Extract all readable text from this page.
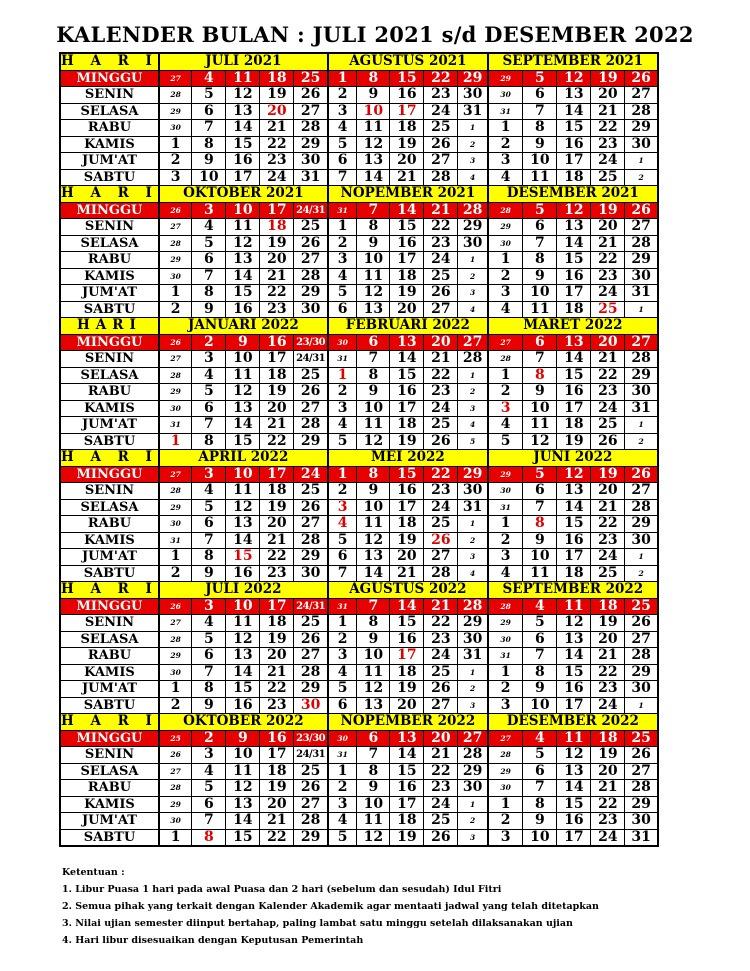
KALENDER BULAN : JULI 2021 s/d DESEMBER 2022
H A R I	JULI 2021					AGUSTUS 2021					SEPTEMBER 2021				
MINGGU	27	4	11	18	25	1	8	15	22	29	29	5	12	19	26
SENIN	28	5	12	19	26	2	9	16	23	30	30	6	13	20	27
SELASA	29	6	13	20	27	3	10	17	24	31	31	7	14	21	28
RABU	30	7	14	21	28	4	11	18	25	1	1	8	15	22	29
KAMIS	1	8	15	22	29	5	12	19	26	2	2	9	16	23	30
JUM'AT	2	9	16	23	30	6	13	20	27	3	3	10	17	24	1
SABTU	3	10	17	24	31	7	14	21	28	4	4	11	18	25	2
H A R I	OKTOBER 2021					NOPEMBER 2021					DESEMBER 2021				
MINGGU	26	3	10	17	24/31	31	7	14	21	28	28	5	12	19	26
SENIN	27	4	11	18	25	1	8	15	22	29	29	6	13	20	27
SELASA	28	5	12	19	26	2	9	16	23	30	30	7	14	21	28
RABU	29	6	13	20	27	3	10	17	24	1	1	8	15	22	29
KAMIS	30	7	14	21	28	4	11	18	25	2	2	9	16	23	30
JUM'AT	1	8	15	22	29	5	12	19	26	3	3	10	17	24	31
SABTU	2	9	16	23	30	6	13	20	27	4	4	11	18	25	1
HARI	JANUARI 2022					FEBRUARI 2022					MARET 2022				
MINGGU	26	2	9	16	23/30	30	6	13	20	27	27	6	13	20	27
SENIN	27	3	10	17	24/31	31	7	14	21	28	28	7	14	21	28
SELASA	28	4	11	18	25	1	8	15	22	1	1	8	15	22	29
RABU	29	5	12	19	26	2	9	16	23	2	2	9	16	23	30
KAMIS	30	6	13	20	27	3	10	17	24	3	3	10	17	24	31
JUM'AT	31	7	14	21	28	4	11	18	25	4	4	11	18	25	1
SABTU	1	8	15	22	29	5	12	19	26	5	5	12	19	26	2
H A R I	APRIL 2022					MEI 2022					JUNI 2022				
MINGGU	27	3	10	17	24	1	8	15	22	29	29	5	12	19	26
SENIN	28	4	11	18	25	2	9	16	23	30	30	6	13	20	27
SELASA	29	5	12	19	26	3	10	17	24	31	31	7	14	21	28
RABU	30	6	13	20	27	4	11	18	25	1	1	8	15	22	29
KAMIS	31	7	14	21	28	5	12	19	26	2	2	9	16	23	30
JUM'AT	1	8	15	22	29	6	13	20	27	3	3	10	17	24	1
SABTU	2	9	16	23	30	7	14	21	28	4	4	11	18	25	2
H A R I	JULI 2022					AGUSTUS 2022					SEPTEMBER 2022				
MINGGU	26	3	10	17	24/31	31	7	14	21	28	28	4	11	18	25
SENIN	27	4	11	18	25	1	8	15	22	29	29	5	12	19	26
SELASA	28	5	12	19	26	2	9	16	23	30	30	6	13	20	27
RABU	29	6	13	20	27	3	10	17	24	31	31	7	14	21	28
KAMIS	30	7	14	21	28	4	11	18	25	1	1	8	15	22	29
JUM'AT	1	8	15	22	29	5	12	19	26	2	2	9	16	23	30
SABTU	2	9	16	23	30	6	13	20	27	3	3	10	17	24	1
H A R I	OKTOBER 2022					NOPEMBER 2022					DESEMBER 2022				
MINGGU	25	2	9	16	23/30	30	6	13	20	27	27	4	11	18	25
SENIN	26	3	10	17	24/31	31	7	14	21	28	28	5	12	19	26
SELASA	27	4	11	18	25	1	8	15	22	29	29	6	13	20	27
RABU	28	5	12	19	26	2	9	16	23	30	30	7	14	21	28
KAMIS	29	6	13	20	27	3	10	17	24	1	1	8	15	22	29
JUM'AT	30	7	14	21	28	4	11	18	25	2	2	9	16	23	30
SABTU	1	8	15	22	29	5	12	19	26	3	3	10	17	24	31
Ketentuan :
1. Libur Puasa 1 hari pada awal Puasa dan 2 hari (sebelum dan sesudah) Idul Fitri
2. Semua pihak yang terkait dengan Kalender Akademik agar mentaati jadwal yang telah ditetapkan
3. Nilai ujian semester diinput bertahap, paling lambat satu minggu setelah dilaksanakan ujian
4. Hari libur disesuaikan dengan Keputusan Pemerintah
